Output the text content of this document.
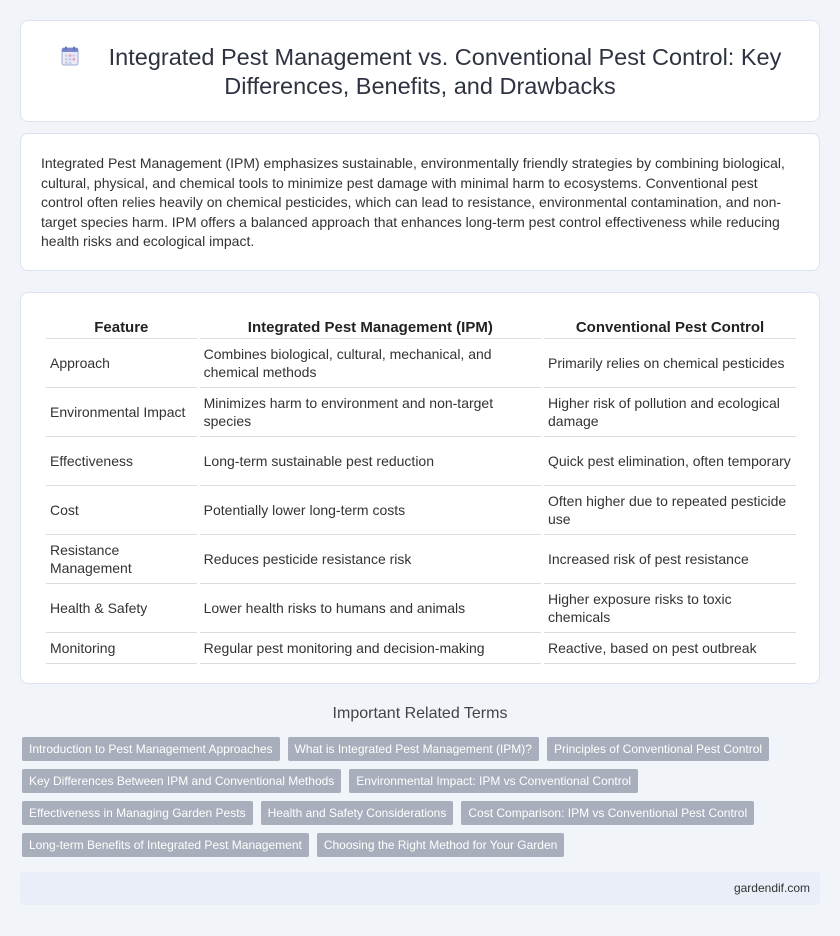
Integrated Pest Management vs. Conventional Pest Control: Key Differences, Benefits, and Drawbacks

Integrated Pest Management (IPM) emphasizes sustainable, environmentally friendly strategies by combining biological, cultural, physical, and chemical tools to minimize pest damage with minimal harm to ecosystems. Conventional pest control often relies heavily on chemical pesticides, which can lead to resistance, environmental contamination, and non-target species harm. IPM offers a balanced approach that enhances long-term pest control effectiveness while reducing health risks and ecological impact.

Feature	Integrated Pest Management (IPM)	Conventional Pest Control
Approach	Combines biological, cultural, mechanical, and chemical methods	Primarily relies on chemical pesticides
Environmental Impact	Minimizes harm to environment and non-target species	Higher risk of pollution and ecological damage
Effectiveness	Long-term sustainable pest reduction	Quick pest elimination, often temporary
Cost	Potentially lower long-term costs	Often higher due to repeated pesticide use
Resistance Management	Reduces pesticide resistance risk	Increased risk of pest resistance
Health & Safety	Lower health risks to humans and animals	Higher exposure risks to toxic chemicals
Monitoring	Regular pest monitoring and decision-making	Reactive, based on pest outbreak
Important Related Terms
Introduction to Pest Management Approaches	What is Integrated Pest Management (IPM)?	Principles of Conventional Pest Control
Key Differences Between IPM and Conventional Methods	Environmental Impact: IPM vs Conventional Control
Effectiveness in Managing Garden Pests	Health and Safety Considerations	Cost Comparison: IPM vs Conventional Pest Control
Long-term Benefits of Integrated Pest Management	Choosing the Right Method for Your Garden
gardendif.com
